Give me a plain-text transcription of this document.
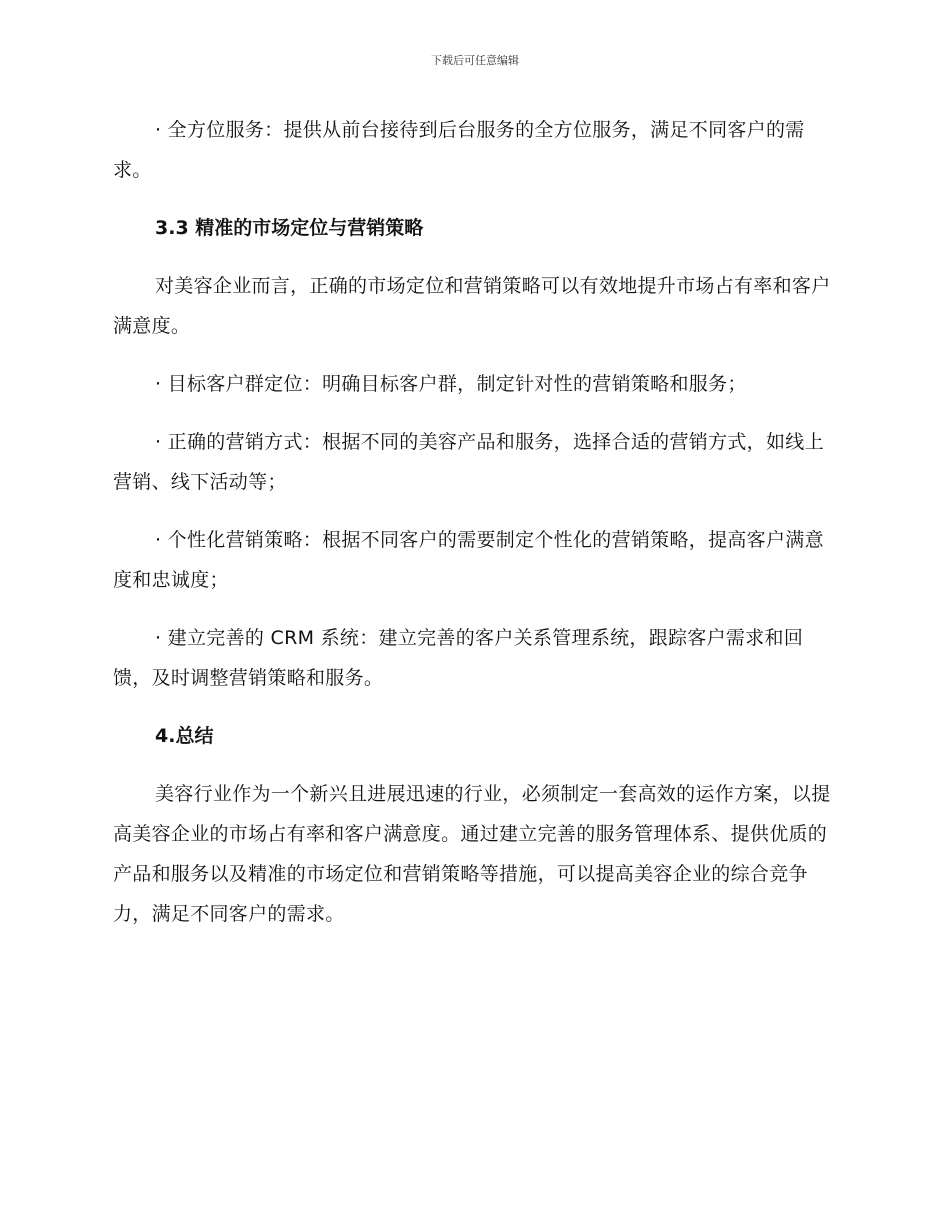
下载后可任意编辑

· 全方位服务：提供从前台接待到后台服务的全方位服务，满足不同客户的需求。

3.3 精准的市场定位与营销策略

对美容企业而言，正确的市场定位和营销策略可以有效地提升市场占有率和客户满意度。

· 目标客户群定位：明确目标客户群，制定针对性的营销策略和服务；

· 正确的营销方式：根据不同的美容产品和服务，选择合适的营销方式，如线上营销、线下活动等；

· 个性化营销策略：根据不同客户的需要制定个性化的营销策略，提高客户满意度和忠诚度；

· 建立完善的 CRM 系统：建立完善的客户关系管理系统，跟踪客户需求和回馈，及时调整营销策略和服务。

4.总结

美容行业作为一个新兴且进展迅速的行业，必须制定一套高效的运作方案，以提高美容企业的市场占有率和客户满意度。通过建立完善的服务管理体系、提供优质的产品和服务以及精准的市场定位和营销策略等措施，可以提高美容企业的综合竞争力，满足不同客户的需求。
